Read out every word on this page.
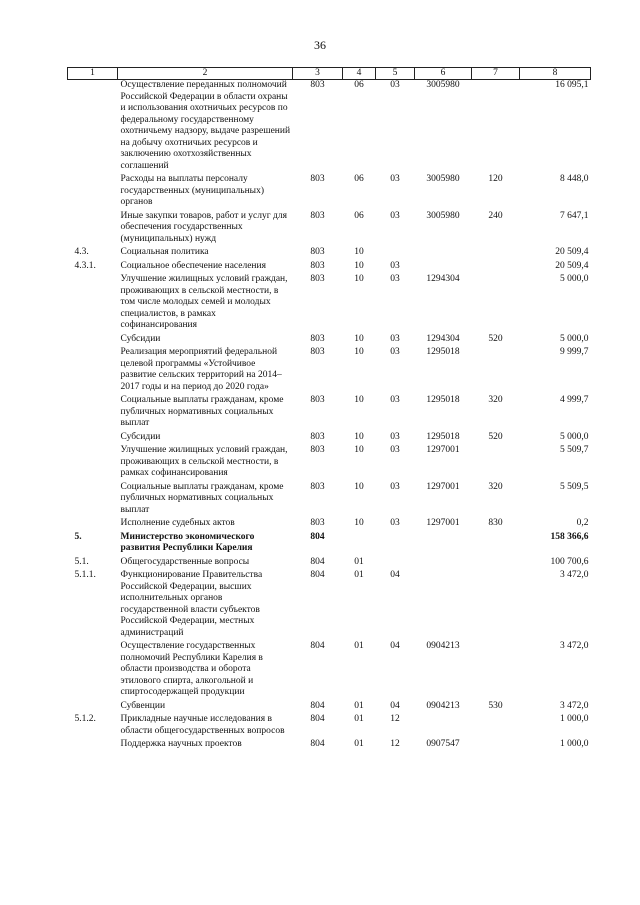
36
1	2	3	4	5	6	7	8
	Осуществление переданных полномочий Российской Федерации в области охраны и использования охотничьих ресурсов по федеральному государственному охотничьему надзору, выдаче разрешений на добычу охотничьих ресурсов и заключению охотхозяйственных соглашений	803	06	03	3005980		16 095,1
	Расходы на выплаты персоналу государственных (муниципальных) органов	803	06	03	3005980	120	8 448,0
	Иные закупки товаров, работ и услуг для обеспечения государственных (муниципальных) нужд	803	06	03	3005980	240	7 647,1
4.3.	Социальная политика	803	10				20 509,4
4.3.1.	Социальное обеспечение населения	803	10	03			20 509,4
	Улучшение жилищных условий граждан, проживающих в сельской местности, в том числе молодых семей и молодых специалистов, в рамках софинансирования	803	10	03	1294304		5 000,0
	Субсидии	803	10	03	1294304	520	5 000,0
	Реализация мероприятий федеральной целевой программы «Устойчивое развитие сельских территорий на 2014–2017 годы и на период до 2020 года»	803	10	03	1295018		9 999,7
	Социальные выплаты гражданам, кроме публичных нормативных социальных выплат	803	10	03	1295018	320	4 999,7
	Субсидии	803	10	03	1295018	520	5 000,0
	Улучшение жилищных условий граждан, проживающих в сельской местности, в рамках софинансирования	803	10	03	1297001		5 509,7
	Социальные выплаты гражданам, кроме публичных нормативных социальных выплат	803	10	03	1297001	320	5 509,5
	Исполнение судебных актов	803	10	03	1297001	830	0,2
5.	Министерство экономического развития Республики Карелия	804					158 366,6
5.1.	Общегосударственные вопросы	804	01				100 700,6
5.1.1.	Функционирование Правительства Российской Федерации, высших исполнительных органов государственной власти субъектов Российской Федерации, местных администраций	804	01	04			3 472,0
	Осуществление государственных полномочий Республики Карелия в области производства и оборота этилового спирта, алкогольной и спиртосодержащей продукции	804	01	04	0904213		3 472,0
	Субвенции	804	01	04	0904213	530	3 472,0
5.1.2.	Прикладные научные исследования в области общегосударственных вопросов	804	01	12			1 000,0
	Поддержка научных проектов	804	01	12	0907547		1 000,0
